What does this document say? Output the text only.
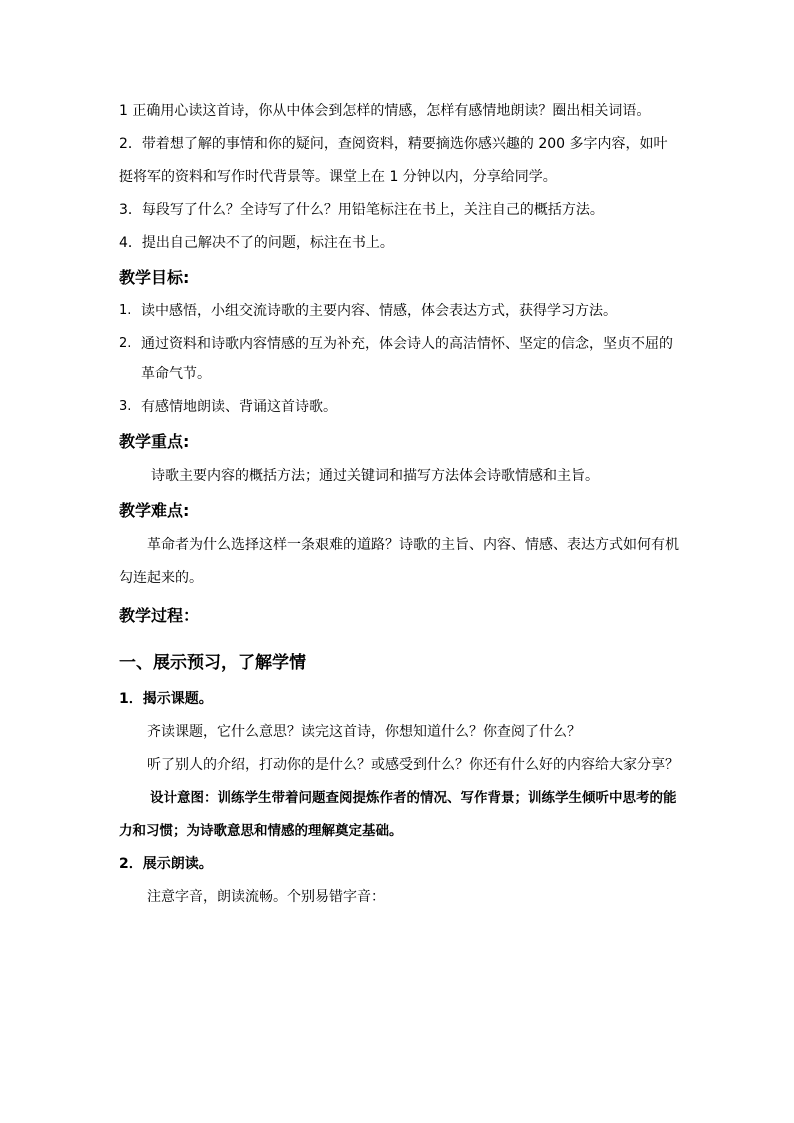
1 正确用心读这首诗，你从中体会到怎样的情感，怎样有感情地朗读？圈出相关词语。

2．带着想了解的事情和你的疑问，查阅资料，精要摘选你感兴趣的 200 多字内容，如叶挺将军的资料和写作时代背景等。课堂上在 1 分钟以内，分享给同学。

3．每段写了什么？全诗写了什么？用铅笔标注在书上，关注自己的概括方法。

4．提出自己解决不了的问题，标注在书上。

教学目标:
1. 读中感悟，小组交流诗歌的主要内容、情感，体会表达方式，获得学习方法。
2. 通过资料和诗歌内容情感的互为补充，体会诗人的高洁情怀、坚定的信念，坚贞不屈的革命气节。
3. 有感情地朗读、背诵这首诗歌。
教学重点:

诗歌主要内容的概括方法；通过关键词和描写方法体会诗歌情感和主旨。

教学难点:

革命者为什么选择这样一条艰难的道路？诗歌的主旨、内容、情感、表达方式如何有机勾连起来的。

教学过程：
一、展示预习，了解学情
1．揭示课题。

齐读课题，它什么意思？读完这首诗，你想知道什么？你查阅了什么？

听了别人的介绍，打动你的是什么？或感受到什么？你还有什么好的内容给大家分享？

设计意图：训练学生带着问题查阅提炼作者的情况、写作背景；训练学生倾听中思考的能力和习惯；为诗歌意思和情感的理解奠定基础。

2．展示朗读。

注意字音，朗读流畅。个别易错字音：
